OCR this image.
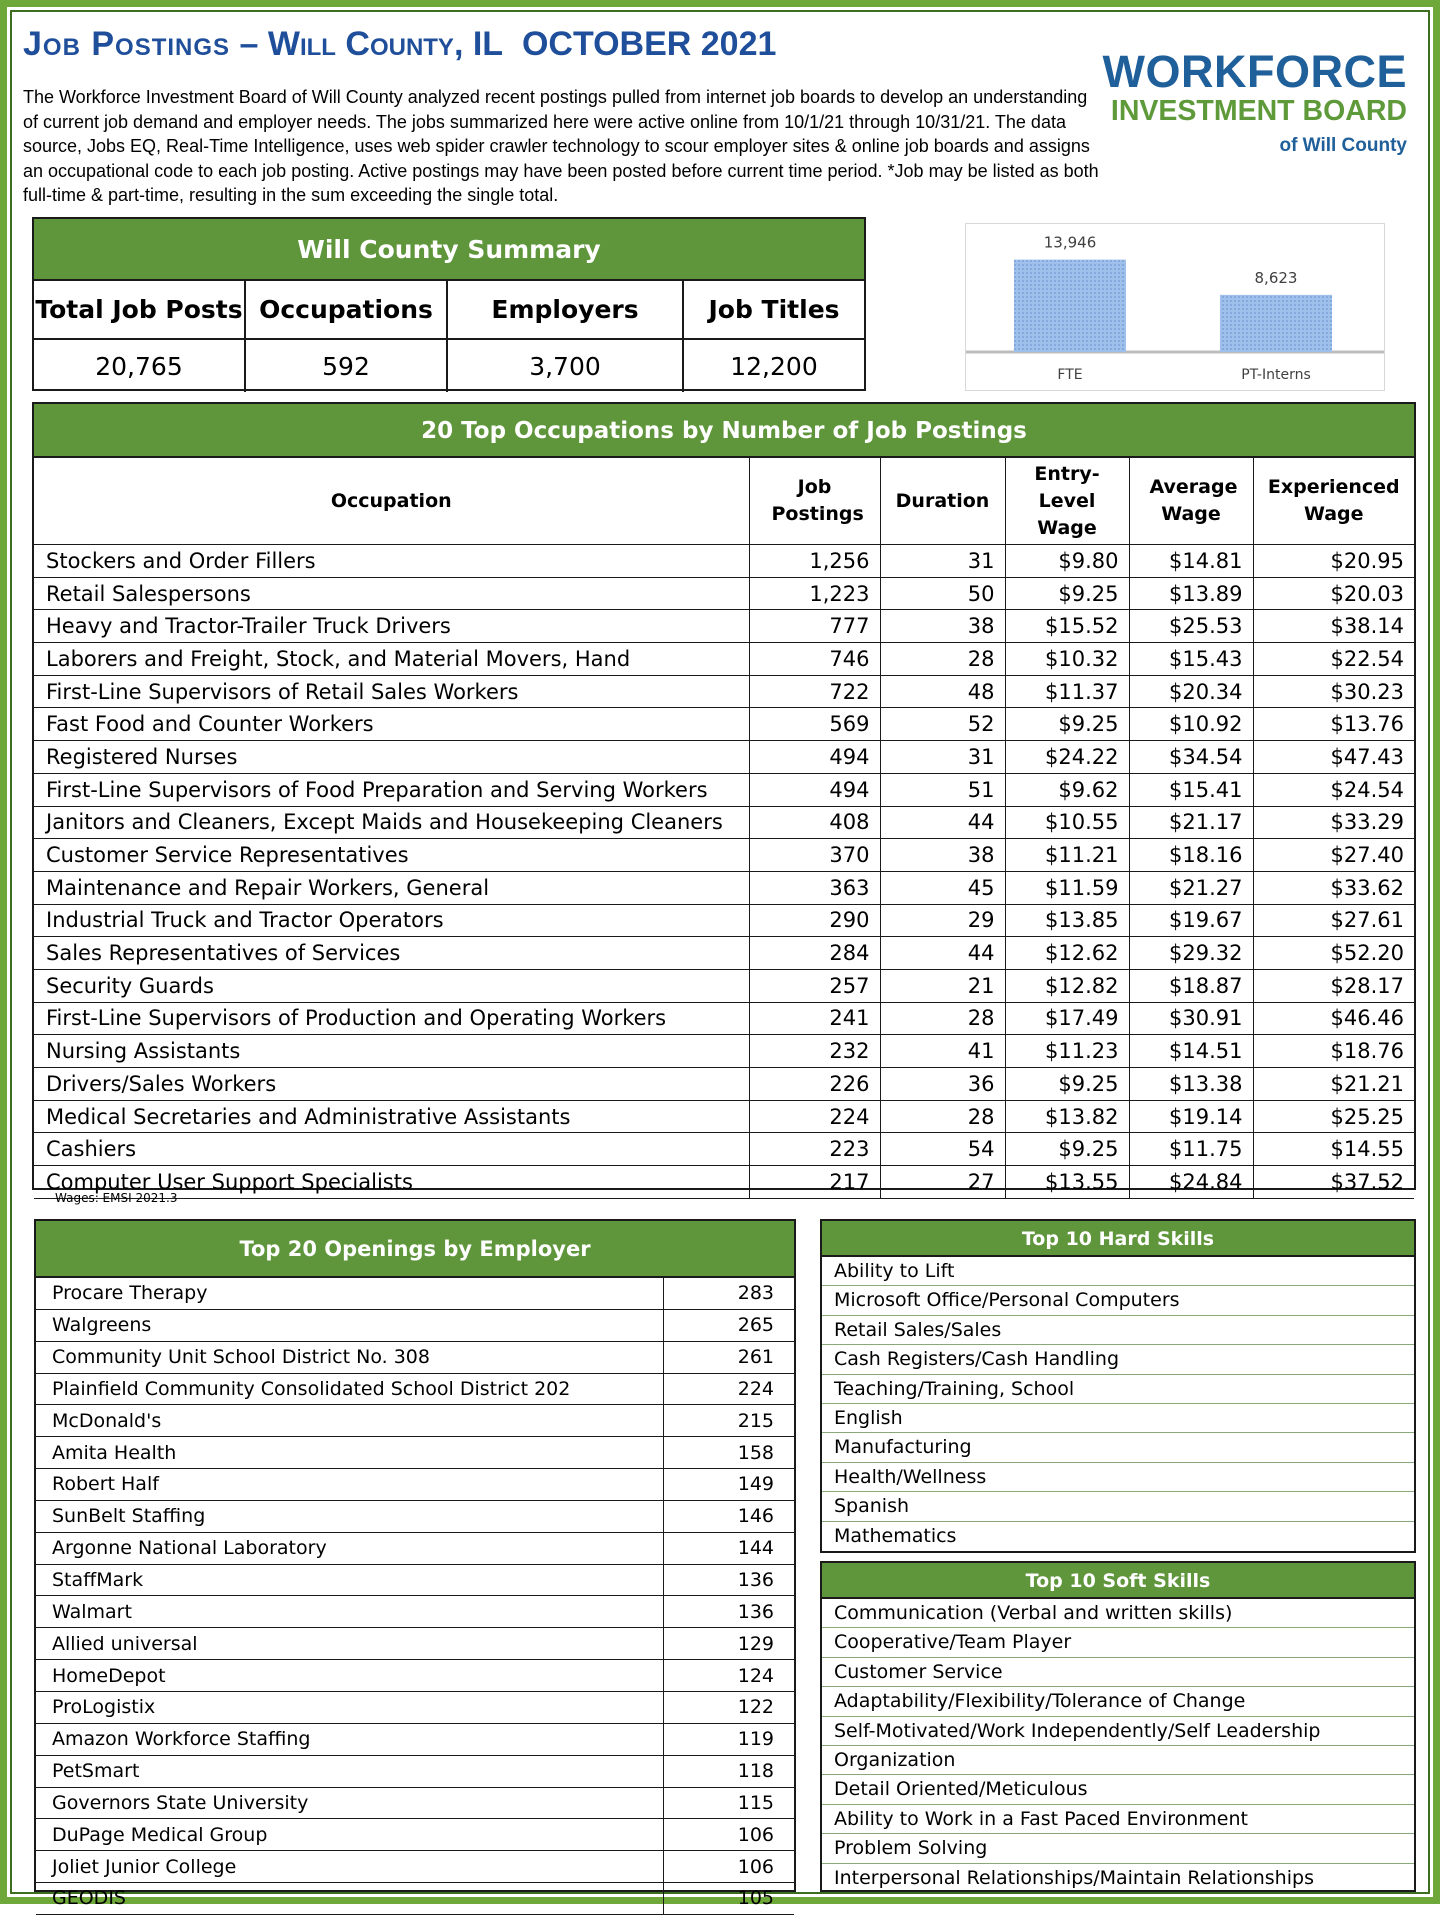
Job Postings – Will County, IL  OCTOBER 2021
The Workforce Investment Board of Will County analyzed recent postings pulled from internet job boards to develop an understanding of current job demand and employer needs. The jobs summarized here were active online from 10/1/21 through 10/31/21. The data source, Jobs EQ, Real-Time Intelligence, uses web spider crawler technology to scour employer sites & online job boards and assigns an occupational code to each job posting. Active postings may have been posted before current time period. *Job may be listed as both full-time & part-time, resulting in the sum exceeding the single total.
WORKFORCE
INVESTMENT BOARD
of Will County
Will County Summary
Total Job Posts	Occupations	Employers	Job Titles
20,765	592	3,700	12,200
13,946
8,623
FTE	PT-Interns
20 Top Occupations by Number of Job Postings
Occupation	Job Postings	Duration	Entry-Level Wage	Average Wage	Experienced Wage
Stockers and Order Fillers	1,256	31	$9.80	$14.81	$20.95
Retail Salespersons	1,223	50	$9.25	$13.89	$20.03
Heavy and Tractor-Trailer Truck Drivers	777	38	$15.52	$25.53	$38.14
Laborers and Freight, Stock, and Material Movers, Hand	746	28	$10.32	$15.43	$22.54
First-Line Supervisors of Retail Sales Workers	722	48	$11.37	$20.34	$30.23
Fast Food and Counter Workers	569	52	$9.25	$10.92	$13.76
Registered Nurses	494	31	$24.22	$34.54	$47.43
First-Line Supervisors of Food Preparation and Serving Workers	494	51	$9.62	$15.41	$24.54
Janitors and Cleaners, Except Maids and Housekeeping Cleaners	408	44	$10.55	$21.17	$33.29
Customer Service Representatives	370	38	$11.21	$18.16	$27.40
Maintenance and Repair Workers, General	363	45	$11.59	$21.27	$33.62
Industrial Truck and Tractor Operators	290	29	$13.85	$19.67	$27.61
Sales Representatives of Services	284	44	$12.62	$29.32	$52.20
Security Guards	257	21	$12.82	$18.87	$28.17
First-Line Supervisors of Production and Operating Workers	241	28	$17.49	$30.91	$46.46
Nursing Assistants	232	41	$11.23	$14.51	$18.76
Drivers/Sales Workers	226	36	$9.25	$13.38	$21.21
Medical Secretaries and Administrative Assistants	224	28	$13.82	$19.14	$25.25
Cashiers	223	54	$9.25	$11.75	$14.55
Computer User Support Specialists	217	27	$13.55	$24.84	$37.52
Wages: EMSI 2021.3
Top 20 Openings by Employer
Procare Therapy	283
Walgreens	265
Community Unit School District No. 308	261
Plainfield Community Consolidated School District 202	224
McDonald's	215
Amita Health	158
Robert Half	149
SunBelt Staffing	146
Argonne National Laboratory	144
StaffMark	136
Walmart	136
Allied universal	129
HomeDepot	124
ProLogistix	122
Amazon Workforce Staffing	119
PetSmart	118
Governors State University	115
DuPage Medical Group	106
Joliet Junior College	106
GEODIS	105
Top 10 Hard Skills
Ability to Lift
Microsoft Office/Personal Computers
Retail Sales/Sales
Cash Registers/Cash Handling
Teaching/Training, School
English
Manufacturing
Health/Wellness
Spanish
Mathematics
Top 10 Soft Skills
Communication (Verbal and written skills)
Cooperative/Team Player
Customer Service
Adaptability/Flexibility/Tolerance of Change
Self-Motivated/Work Independently/Self Leadership
Organization
Detail Oriented/Meticulous
Ability to Work in a Fast Paced Environment
Problem Solving
Interpersonal Relationships/Maintain Relationships
